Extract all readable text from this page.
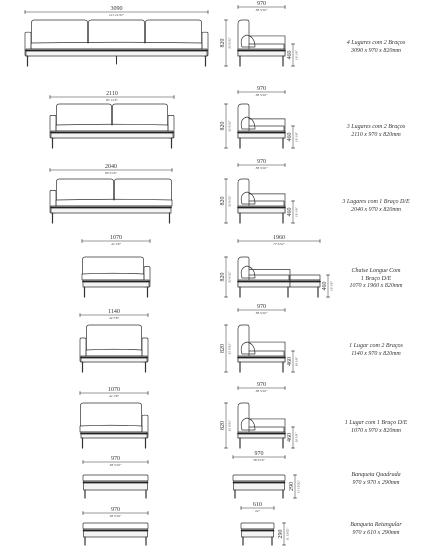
3090
121 21/32"
970
38 3/16"
820 32 9/32"
460 18 1/8"
2110
83 1/16"
970
38 3/16"
820 32 9/32"
460 18 1/8"
2040
80 5/16"
970
38 3/16"
820 32 9/32"
460 18 1/8"
1070
42 1/8"
1960
77 5/32"
820 32 9/32"
460 18 1/8"
1140
44 7/8"
970
38 3/16"
820 32 9/32"
460 18 1/8"
1070
42 1/8"
970
38 3/16"
820 32 9/32"
460 18 1/8"
970
38 3/16"
970
38 3/16"
290 11 13/32"
970
38 3/16"
610
24"
290 11 13/32"
4 Lugares com 2 Braços
3090 x 970 x 820mm
3 Lugares com 2 Braços
2110 x 970 x 820mm
3 Lugares com 1 Braço D/E
2040 x 970 x 820mm
Chaise Longue Com
1 Braço D/E
1070 x 1960 x 820mm
1 Lugar com 2 Braços
1140 x 970 x 820mm
1 Lugar com 1 Braço D/E
1070 x 970 x 820mm
Banqueta Quadrada
970 x 970 x 290mm
Banqueta Retangular
970 x 610 x 290mm
